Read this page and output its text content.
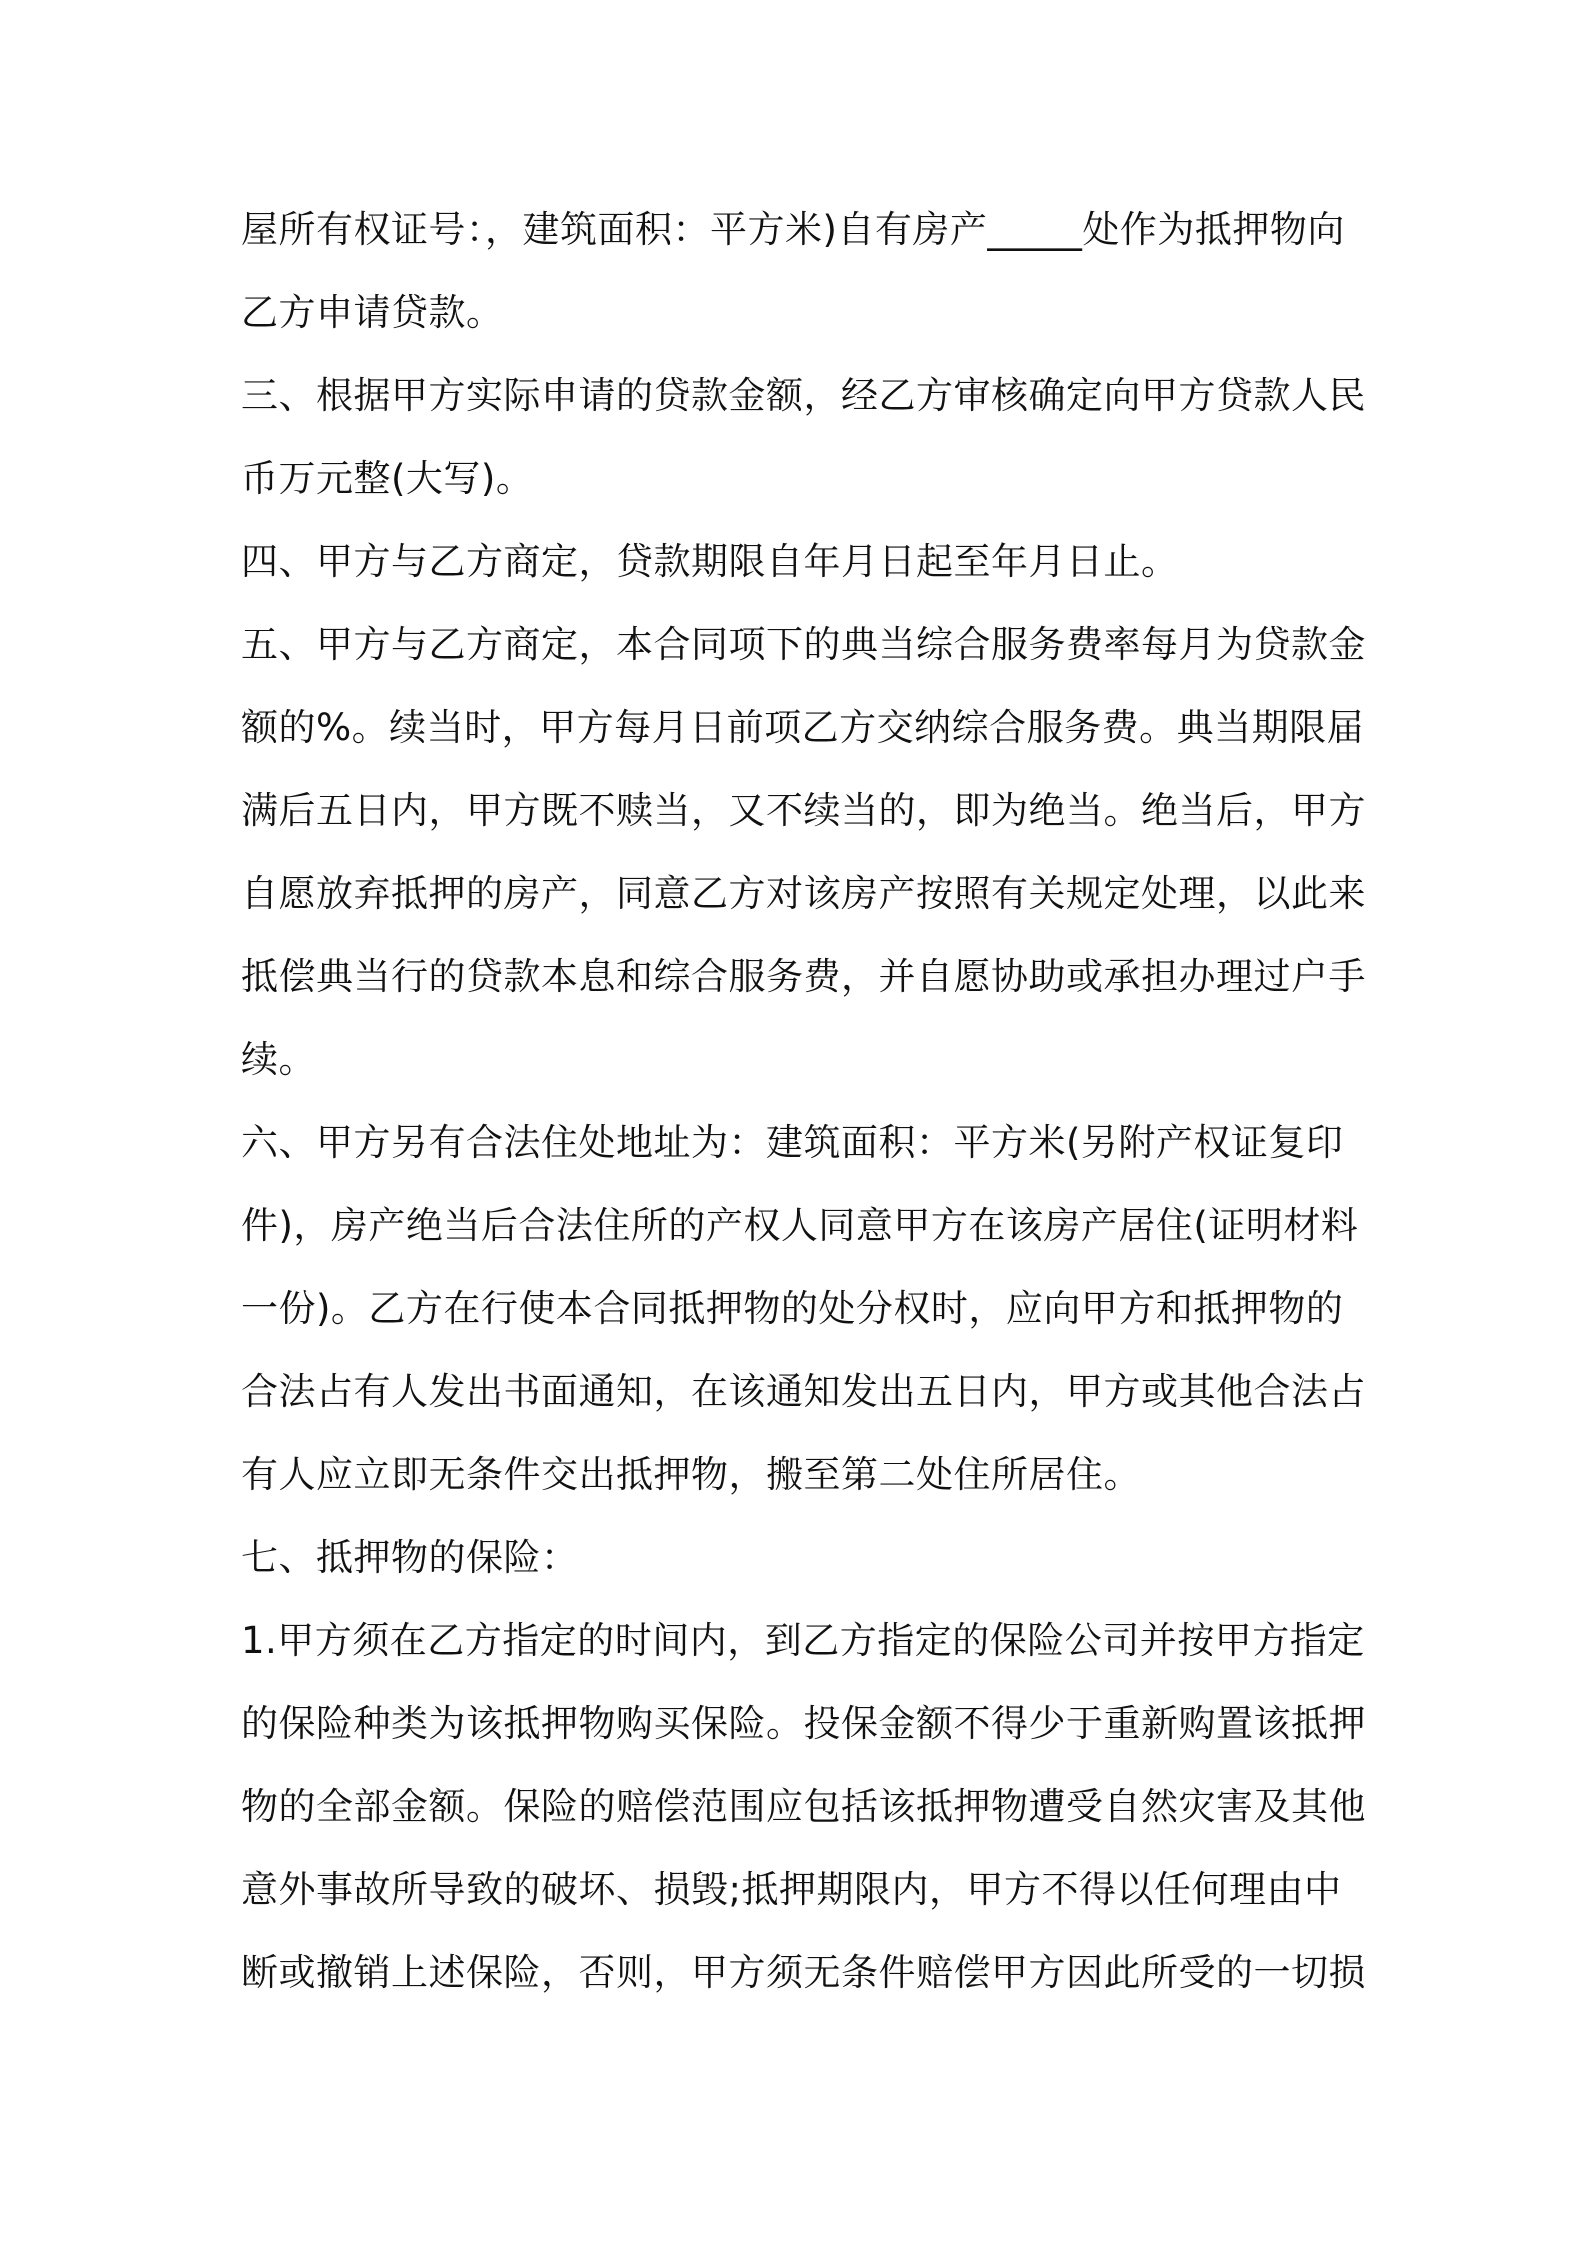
屋所有权证号：，建筑面积：平方米)自有房产_____处作为抵押物向
乙方申请贷款。
三、根据甲方实际申请的贷款金额，经乙方审核确定向甲方贷款人民
币万元整(大写)。
四、甲方与乙方商定，贷款期限自年月日起至年月日止。
五、甲方与乙方商定，本合同项下的典当综合服务费率每月为贷款金
额的%。续当时，甲方每月日前项乙方交纳综合服务费。典当期限届
满后五日内，甲方既不赎当，又不续当的，即为绝当。绝当后，甲方
自愿放弃抵押的房产，同意乙方对该房产按照有关规定处理，以此来
抵偿典当行的贷款本息和综合服务费，并自愿协助或承担办理过户手
续。
六、甲方另有合法住处地址为：建筑面积：平方米(另附产权证复印
件)，房产绝当后合法住所的产权人同意甲方在该房产居住(证明材料
一份)。乙方在行使本合同抵押物的处分权时，应向甲方和抵押物的
合法占有人发出书面通知，在该通知发出五日内，甲方或其他合法占
有人应立即无条件交出抵押物，搬至第二处住所居住。
七、抵押物的保险：
1.甲方须在乙方指定的时间内，到乙方指定的保险公司并按甲方指定
的保险种类为该抵押物购买保险。投保金额不得少于重新购置该抵押
物的全部金额。保险的赔偿范围应包括该抵押物遭受自然灾害及其他
意外事故所导致的破坏、损毁;抵押期限内，甲方不得以任何理由中
断或撤销上述保险，否则，甲方须无条件赔偿甲方因此所受的一切损
